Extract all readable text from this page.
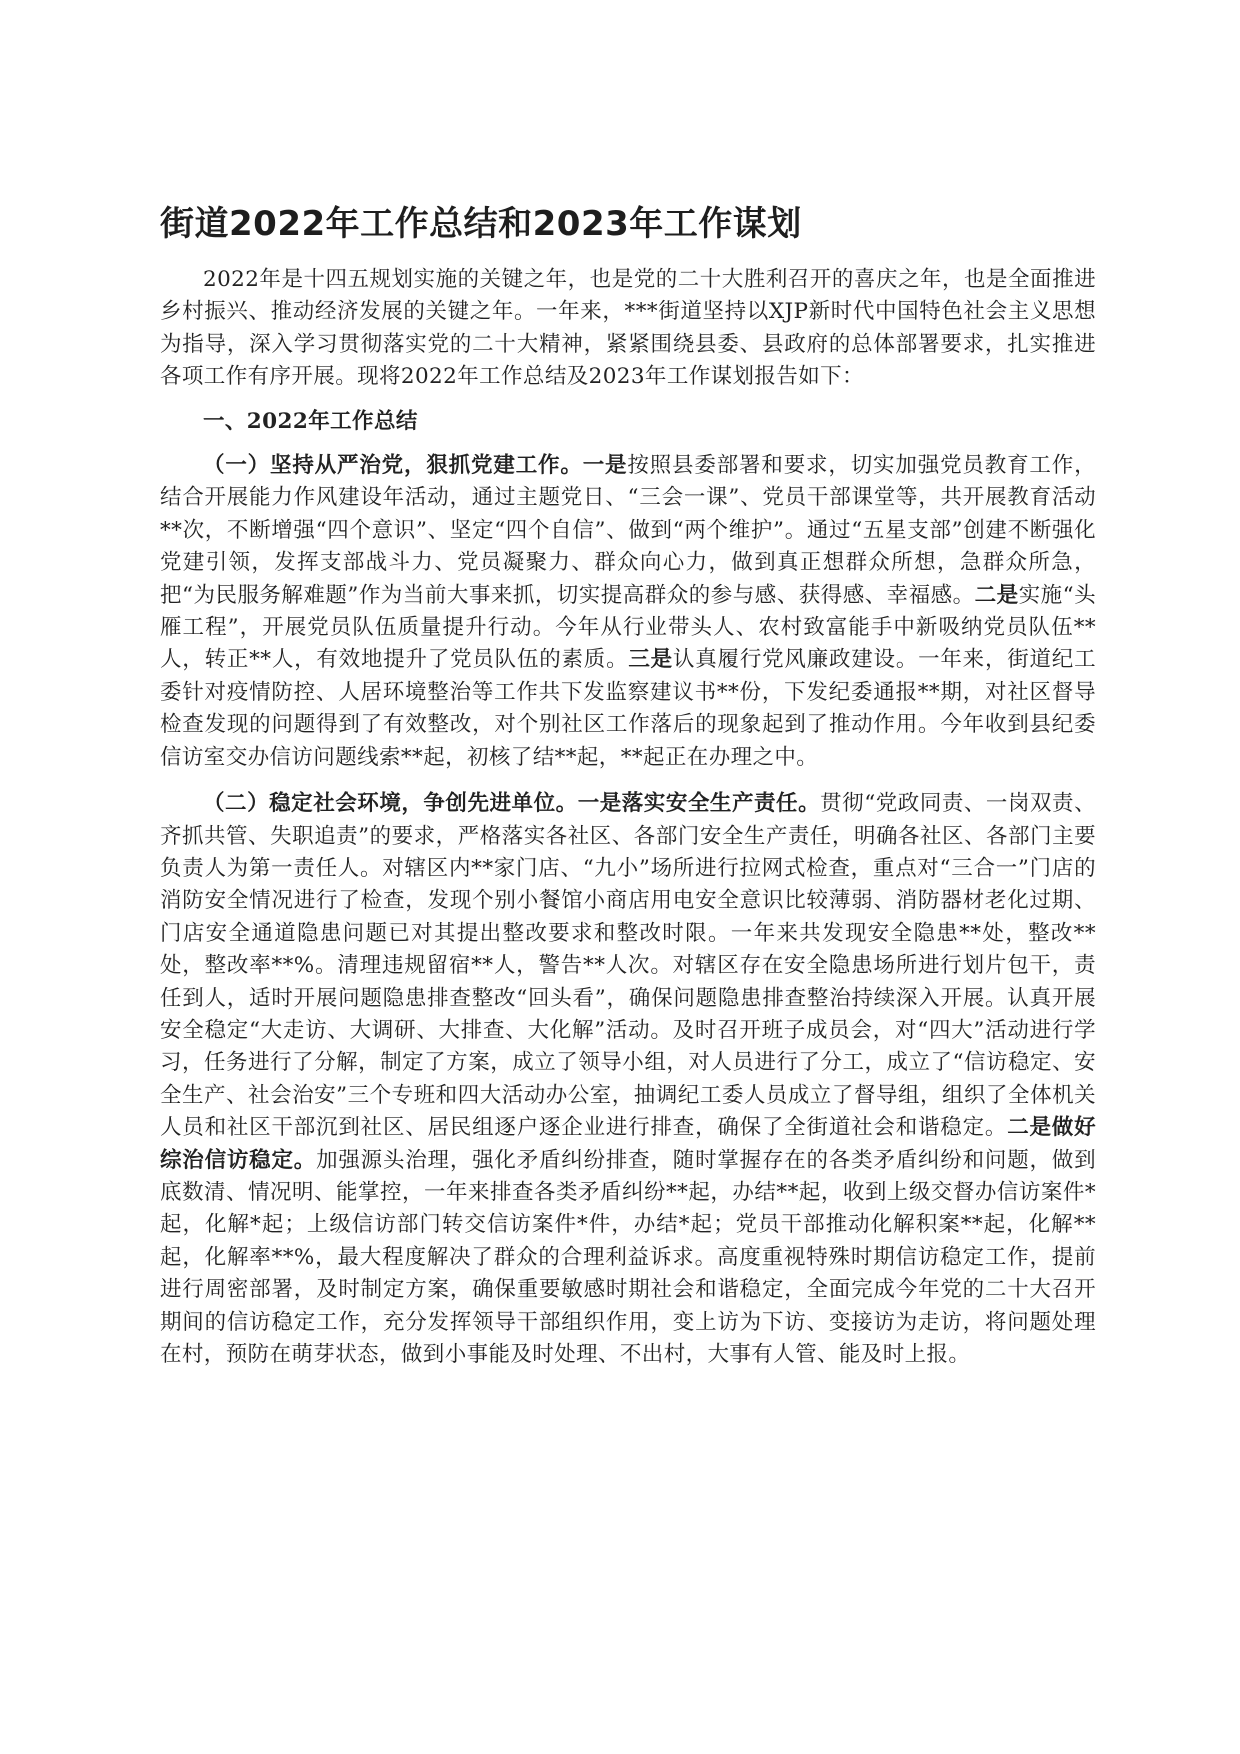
街道2022年工作总结和2023年工作谋划

2022年是十四五规划实施的关键之年，也是党的二十大胜利召开的喜庆之年，也是全面推进乡村振兴、推动经济发展的关键之年。一年来，***街道坚持以XJP新时代中国特色社会主义思想为指导，深入学习贯彻落实党的二十大精神，紧紧围绕县委、县政府的总体部署要求，扎实推进各项工作有序开展。现将2022年工作总结及2023年工作谋划报告如下：

一、2022年工作总结

（一）坚持从严治党，狠抓党建工作。一是按照县委部署和要求，切实加强党员教育工作，结合开展能力作风建设年活动，通过主题党日、“三会一课”、党员干部课堂等，共开展教育活动**次，不断增强“四个意识”、坚定“四个自信”、做到“两个维护”。通过“五星支部”创建不断强化党建引领，发挥支部战斗力、党员凝聚力、群众向心力，做到真正想群众所想，急群众所急，把“为民服务解难题”作为当前大事来抓，切实提高群众的参与感、获得感、幸福感。二是实施“头雁工程”，开展党员队伍质量提升行动。今年从行业带头人、农村致富能手中新吸纳党员队伍**人，转正**人，有效地提升了党员队伍的素质。三是认真履行党风廉政建设。一年来，街道纪工委针对疫情防控、人居环境整治等工作共下发监察建议书**份，下发纪委通报**期，对社区督导检查发现的问题得到了有效整改，对个别社区工作落后的现象起到了推动作用。今年收到县纪委信访室交办信访问题线索**起，初核了结**起，**起正在办理之中。

（二）稳定社会环境，争创先进单位。一是落实安全生产责任。贯彻“党政同责、一岗双责、齐抓共管、失职追责”的要求，严格落实各社区、各部门安全生产责任，明确各社区、各部门主要负责人为第一责任人。对辖区内**家门店、“九小”场所进行拉网式检查，重点对“三合一”门店的消防安全情况进行了检查，发现个别小餐馆小商店用电安全意识比较薄弱、消防器材老化过期、门店安全通道隐患问题已对其提出整改要求和整改时限。一年来共发现安全隐患**处，整改**处，整改率**%。清理违规留宿**人，警告**人次。对辖区存在安全隐患场所进行划片包干，责任到人，适时开展问题隐患排查整改“回头看”，确保问题隐患排查整治持续深入开展。认真开展安全稳定“大走访、大调研、大排查、大化解”活动。及时召开班子成员会，对“四大”活动进行学习，任务进行了分解，制定了方案，成立了领导小组，对人员进行了分工，成立了“信访稳定、安全生产、社会治安”三个专班和四大活动办公室，抽调纪工委人员成立了督导组，组织了全体机关人员和社区干部沉到社区、居民组逐户逐企业进行排查，确保了全街道社会和谐稳定。二是做好综治信访稳定。加强源头治理，强化矛盾纠纷排查，随时掌握存在的各类矛盾纠纷和问题，做到底数清、情况明、能掌控，一年来排查各类矛盾纠纷**起，办结**起，收到上级交督办信访案件*起，化解*起；上级信访部门转交信访案件*件，办结*起；党员干部推动化解积案**起，化解**起，化解率**%，最大程度解决了群众的合理利益诉求。高度重视特殊时期信访稳定工作，提前进行周密部署，及时制定方案，确保重要敏感时期社会和谐稳定，全面完成今年党的二十大召开期间的信访稳定工作，充分发挥领导干部组织作用，变上访为下访、变接访为走访，将问题处理在村，预防在萌芽状态，做到小事能及时处理、不出村，大事有人管、能及时上报。
